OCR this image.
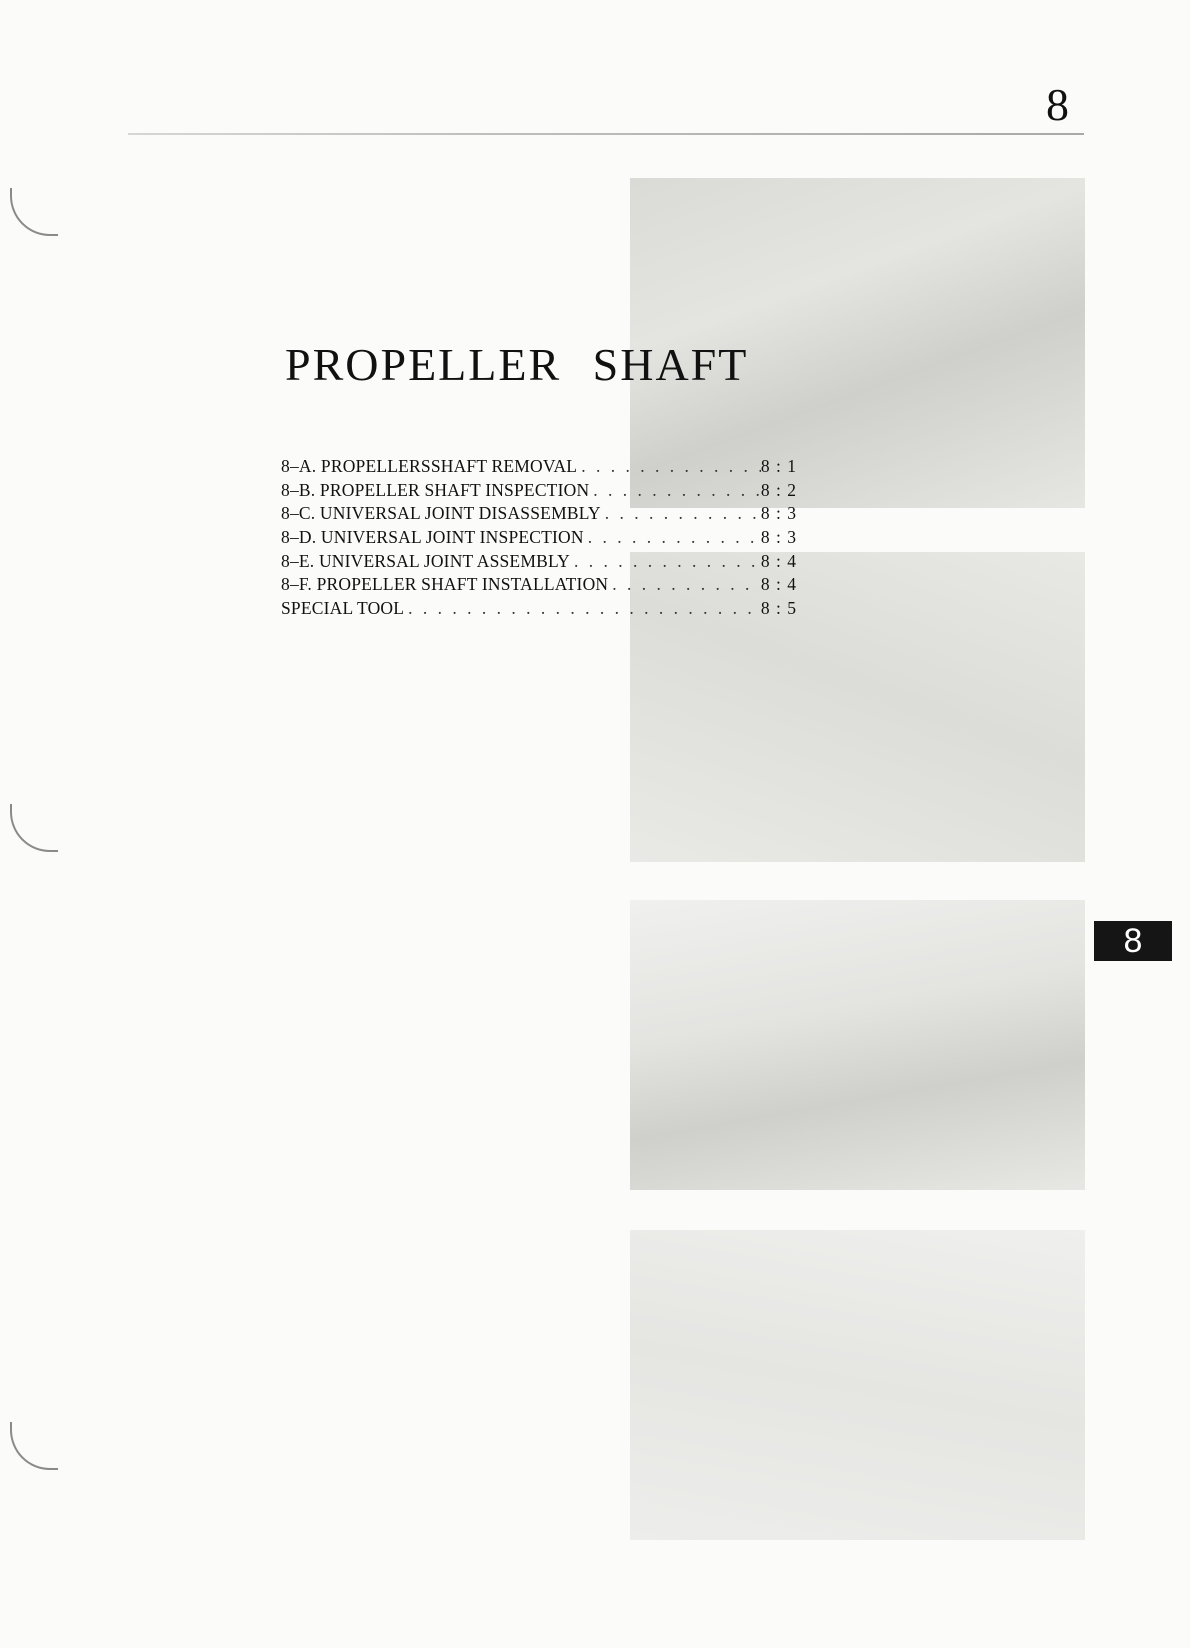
8
8
PROPELLER SHAFT
8–A. PROPELLERSSHAFT REMOVAL . . .	8 : 1
8–B. PROPELLER SHAFT INSPECTION . . .	8 : 2
8–C. UNIVERSAL JOINT DISASSEMBLY . . .	8 : 3
8–D. UNIVERSAL JOINT INSPECTION . . .	8 : 3
8–E. UNIVERSAL JOINT ASSEMBLY . . .	8 : 4
8–F. PROPELLER SHAFT INSTALLATION . . .	8 : 4
SPECIAL TOOL . . .	8 : 5
